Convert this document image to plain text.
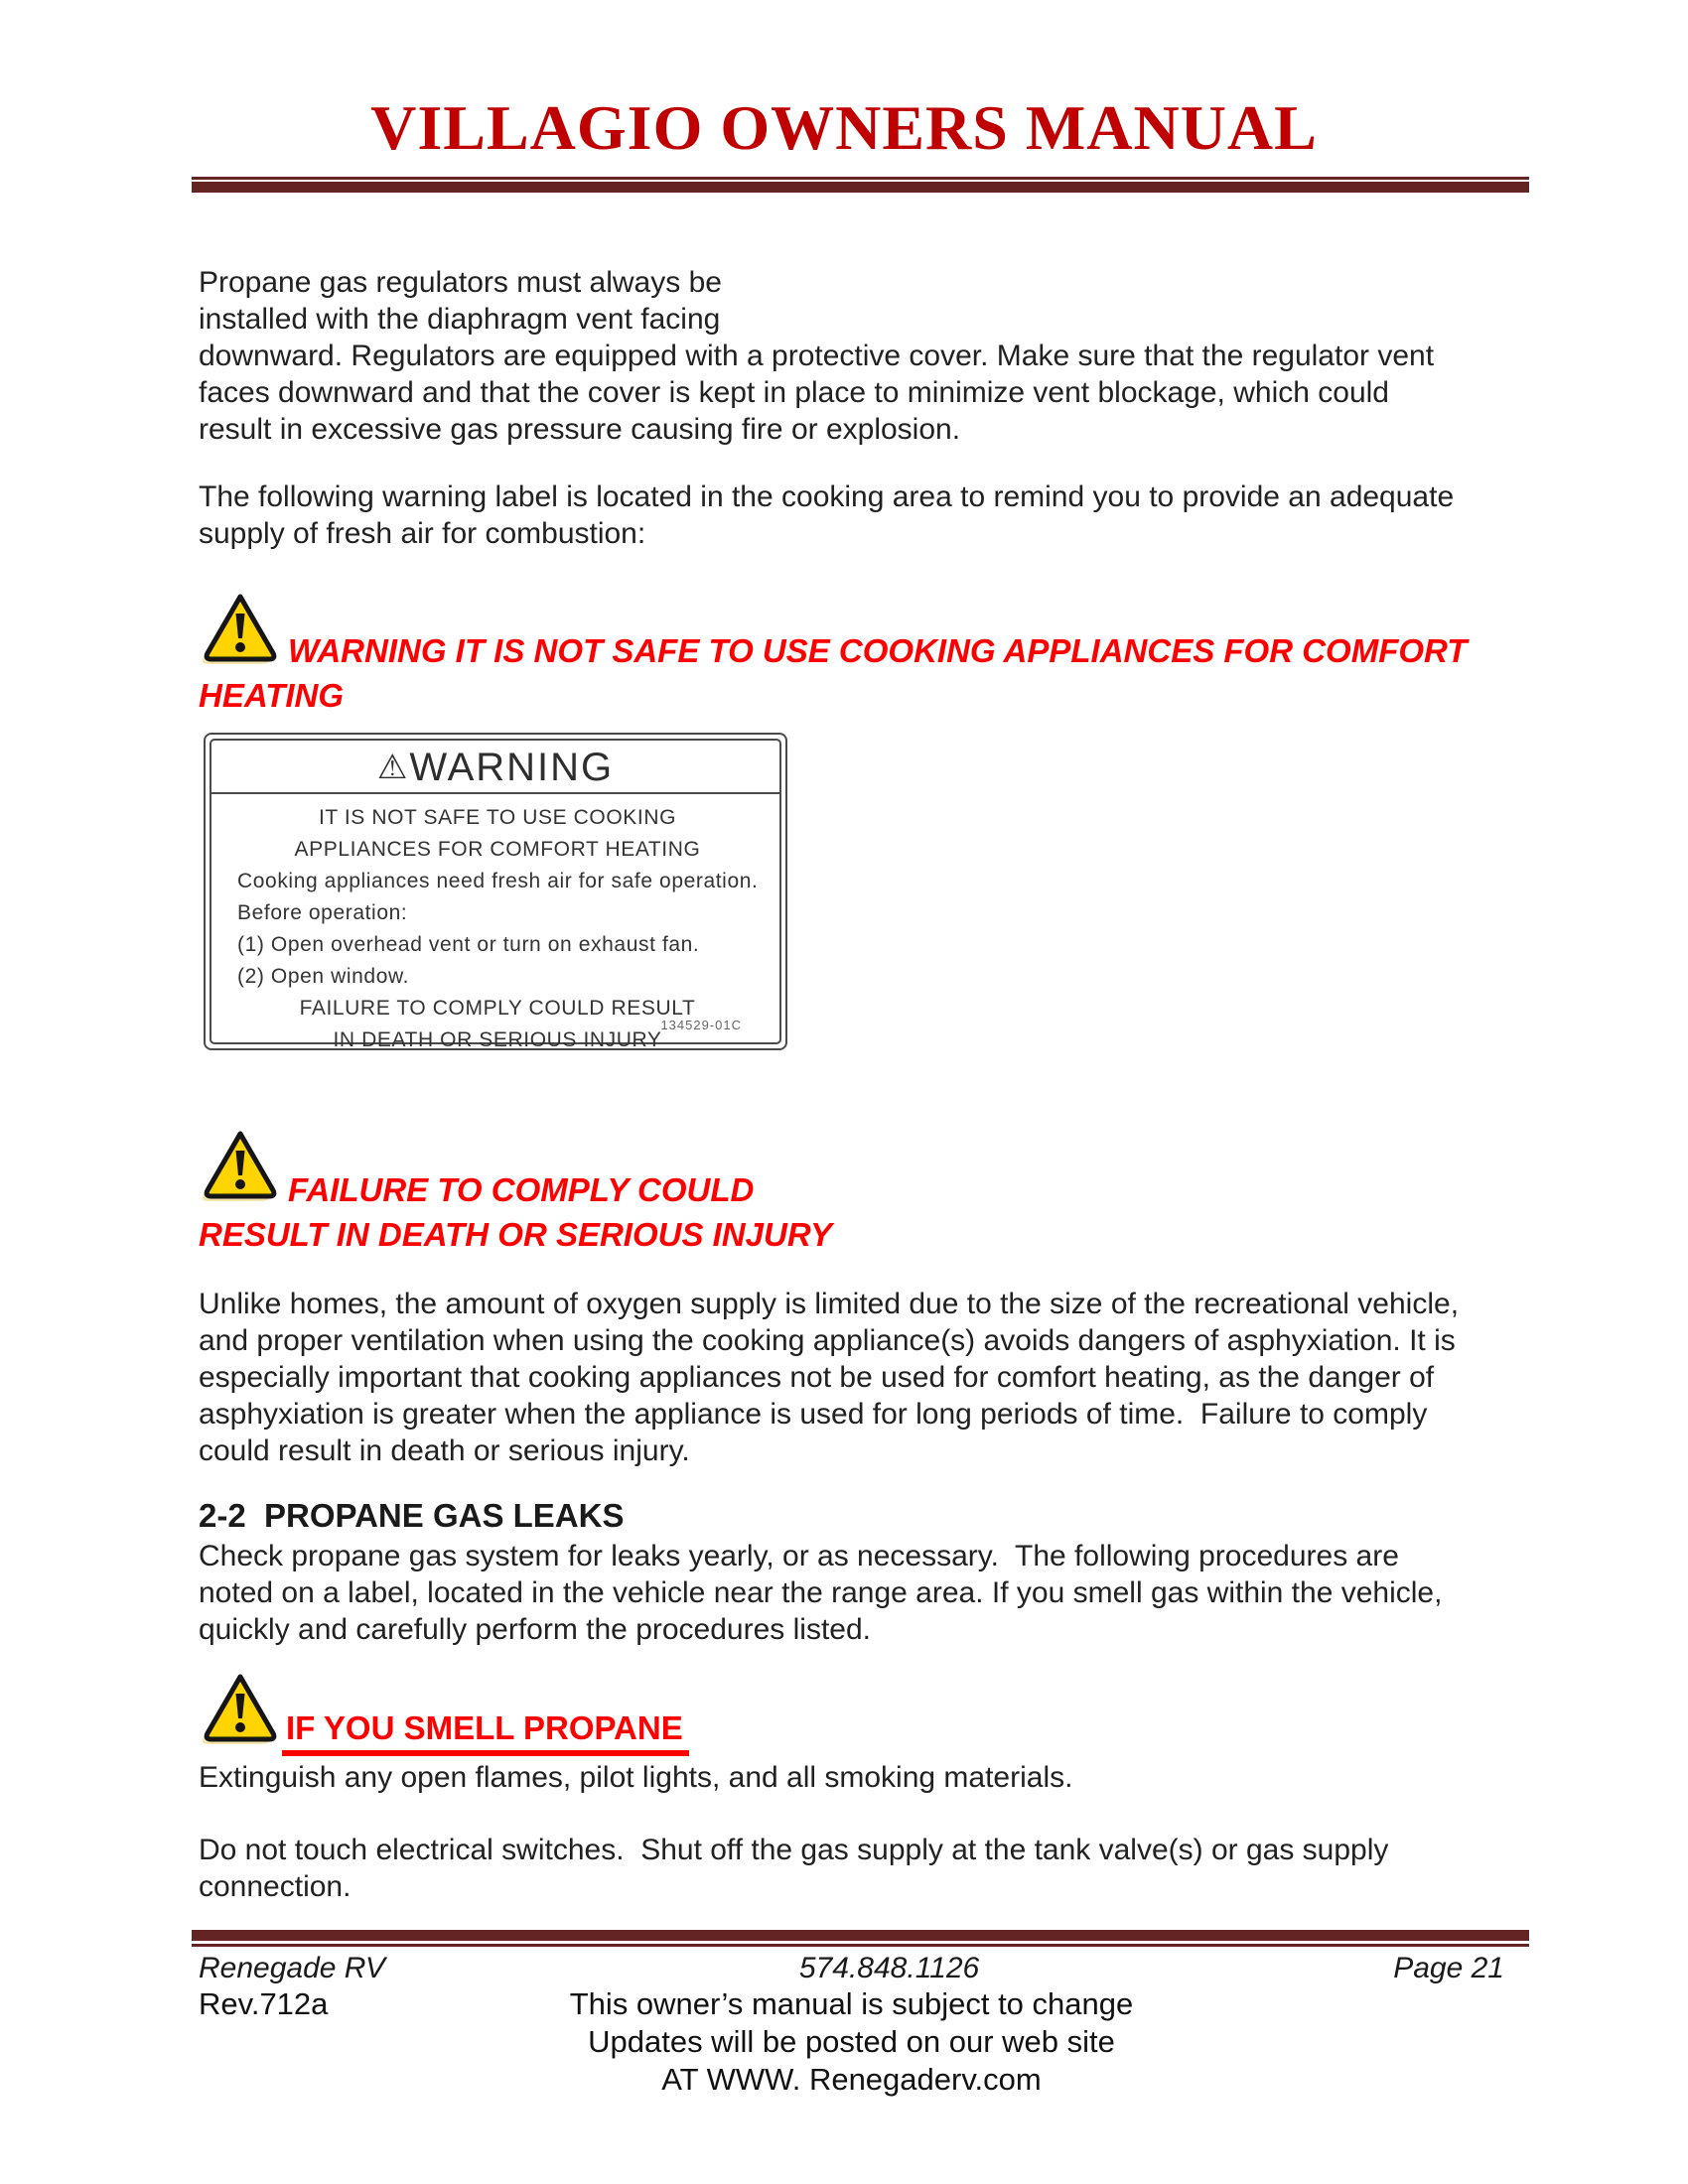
VILLAGIO OWNERS MANUAL
Propane gas regulators must always be
installed with the diaphragm vent facing
downward. Regulators are equipped with a protective cover. Make sure that the regulator vent
faces downward and that the cover is kept in place to minimize vent blockage, which could
result in excessive gas pressure causing fire or explosion.
The following warning label is located in the cooking area to remind you to provide an adequate
supply of fresh air for combustion:
WARNING IT IS NOT SAFE TO USE COOKING APPLIANCES FOR COMFORT
HEATING
⚠WARNING
IT IS NOT SAFE TO USE COOKING
APPLIANCES FOR COMFORT HEATING
Cooking appliances need fresh air for safe operation.
Before operation:
(1) Open overhead vent or turn on exhaust fan.
(2) Open window.
FAILURE TO COMPLY COULD RESULT
IN DEATH OR SERIOUS INJURY
134529-01C
FAILURE TO COMPLY COULD
RESULT IN DEATH OR SERIOUS INJURY
Unlike homes, the amount of oxygen supply is limited due to the size of the recreational vehicle,
and proper ventilation when using the cooking appliance(s) avoids dangers of asphyxiation. It is
especially important that cooking appliances not be used for comfort heating, as the danger of
asphyxiation is greater when the appliance is used for long periods of time.  Failure to comply
could result in death or serious injury.
2-2  PROPANE GAS LEAKS
Check propane gas system for leaks yearly, or as necessary.  The following procedures are
noted on a label, located in the vehicle near the range area. If you smell gas within the vehicle,
quickly and carefully perform the procedures listed.
IF YOU SMELL PROPANE
Extinguish any open flames, pilot lights, and all smoking materials.
Do not touch electrical switches.  Shut off the gas supply at the tank valve(s) or gas supply
connection.
Renegade RV	574.848.1126	Page 21
Rev.712a	This owner’s manual is subject to change
Updates will be posted on our web site
AT WWW. Renegaderv.com
